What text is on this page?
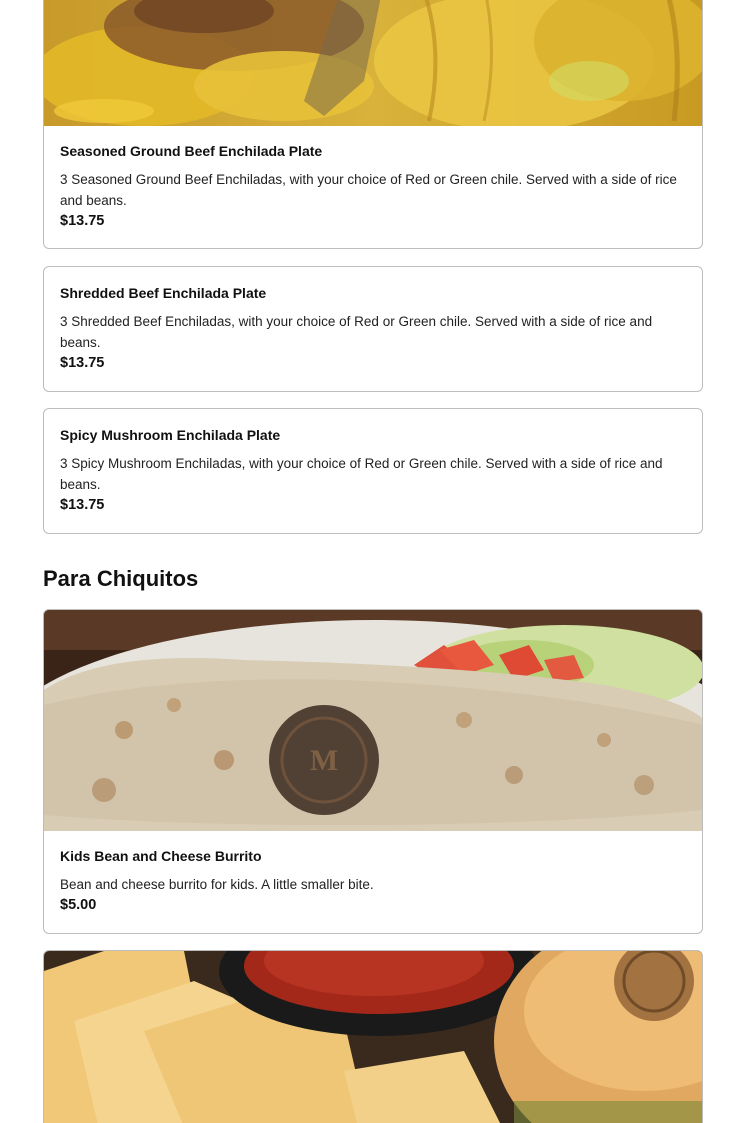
Seasoned Ground Beef Enchilada Plate

3 Seasoned Ground Beef Enchiladas, with your choice of Red or Green chile. Served with a side of rice and beans.

$13.75

Shredded Beef Enchilada Plate

3 Shredded Beef Enchiladas, with your choice of Red or Green chile. Served with a side of rice and beans.

$13.75

Spicy Mushroom Enchilada Plate

3 Spicy Mushroom Enchiladas, with your choice of Red or Green chile. Served with a side of rice and beans.

$13.75

Para Chiquitos
M

Kids Bean and Cheese Burrito

Bean and cheese burrito for kids. A little smaller bite.

$5.00
